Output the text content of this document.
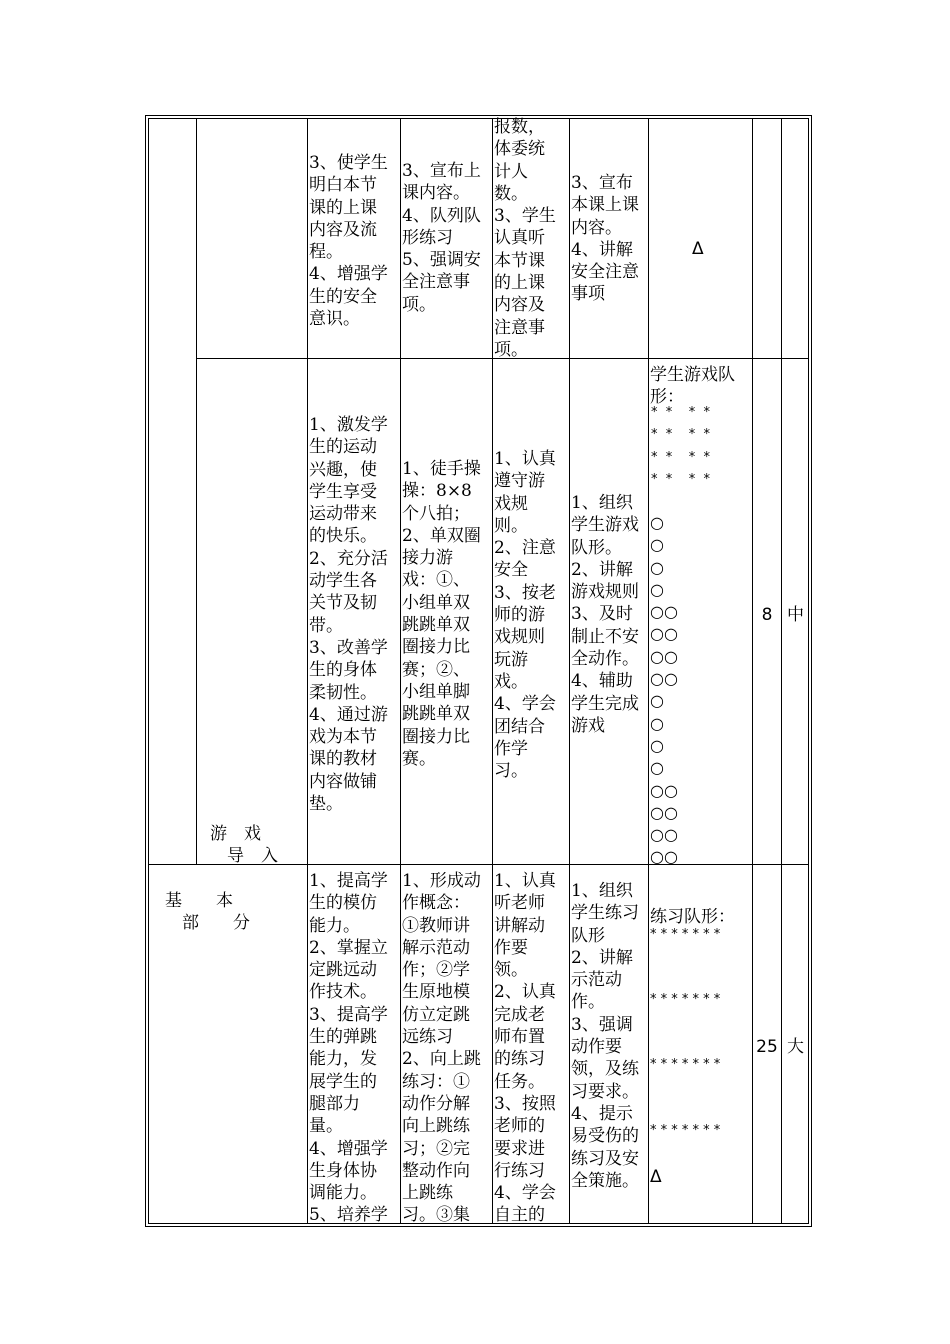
3、使学生
明白本节
课的上课
内容及流
程。
4、增强学
生的安全
意识。
3、宣布上
课内容。
4、队列队
形练习
5、强调安
全注意事
项。
报数，
体委统
计人
数。
3、学生
认真听
本节课
的上课
内容及
注意事
项。
3、宣布
本课上课
内容。
4、讲解
安全注意
事项
Δ
游　戏
　导　入
1、激发学
生的运动
兴趣，使
学生享受
运动带来
的快乐。
2、充分活
动学生各
关节及韧
带。
3、改善学
生的身体
柔韧性。
4、通过游
戏为本节
课的教材
内容做铺
垫。
1、徒手操
操：8×8
个八拍；
2、单双圈
接力游
戏：①、
小组单双
跳跳单双
圈接力比
赛；②、
小组单脚
跳跳单双
圈接力比
赛。
1、认真
遵守游
戏规
则。
2、注意
安全
3、按老
师的游
戏规则
玩游
戏。
4、学会
团结合
作学
习。
1、组织
学生游戏
队形。
2、讲解
游戏规则
3、及时
制止不安
全动作。
4、辅助
学生完成
游戏
学生游戏队
形：
*  *    *  *
*  *    *  *
*  *    *  *
*  *    *  *
○
○
○
○
○○
○○
○○
○○
○
○
○
○
○○
○○
○○
○○
8 中
基　　本
　部　　分
1、提高学
生的模仿
能力。
2、掌握立
定跳远动
作技术。
3、提高学
生的弹跳
能力，发
展学生的
腿部力
量。
4、增强学
生身体协
调能力。
5、培养学
1、形成动
作概念：
①教师讲
解示范动
作；②学
生原地模
仿立定跳
远练习
2、向上跳
练习：①
动作分解
向上跳练
习；②完
整动作向
上跳练
习。③集
1、认真
听老师
讲解动
作要
领。
2、认真
完成老
师布置
的练习
任务。
3、按照
老师的
要求进
行练习
4、学会
自主的
1、组织
学生练习
队形
2、讲解
示范动
作。
3、强调
动作要
领，及练
习要求。
4、提示
易受伤的
练习及安
全策施。
练习队形：
* * * * * * *
* * * * * * *
* * * * * * *
* * * * * * *
Δ
25 大
